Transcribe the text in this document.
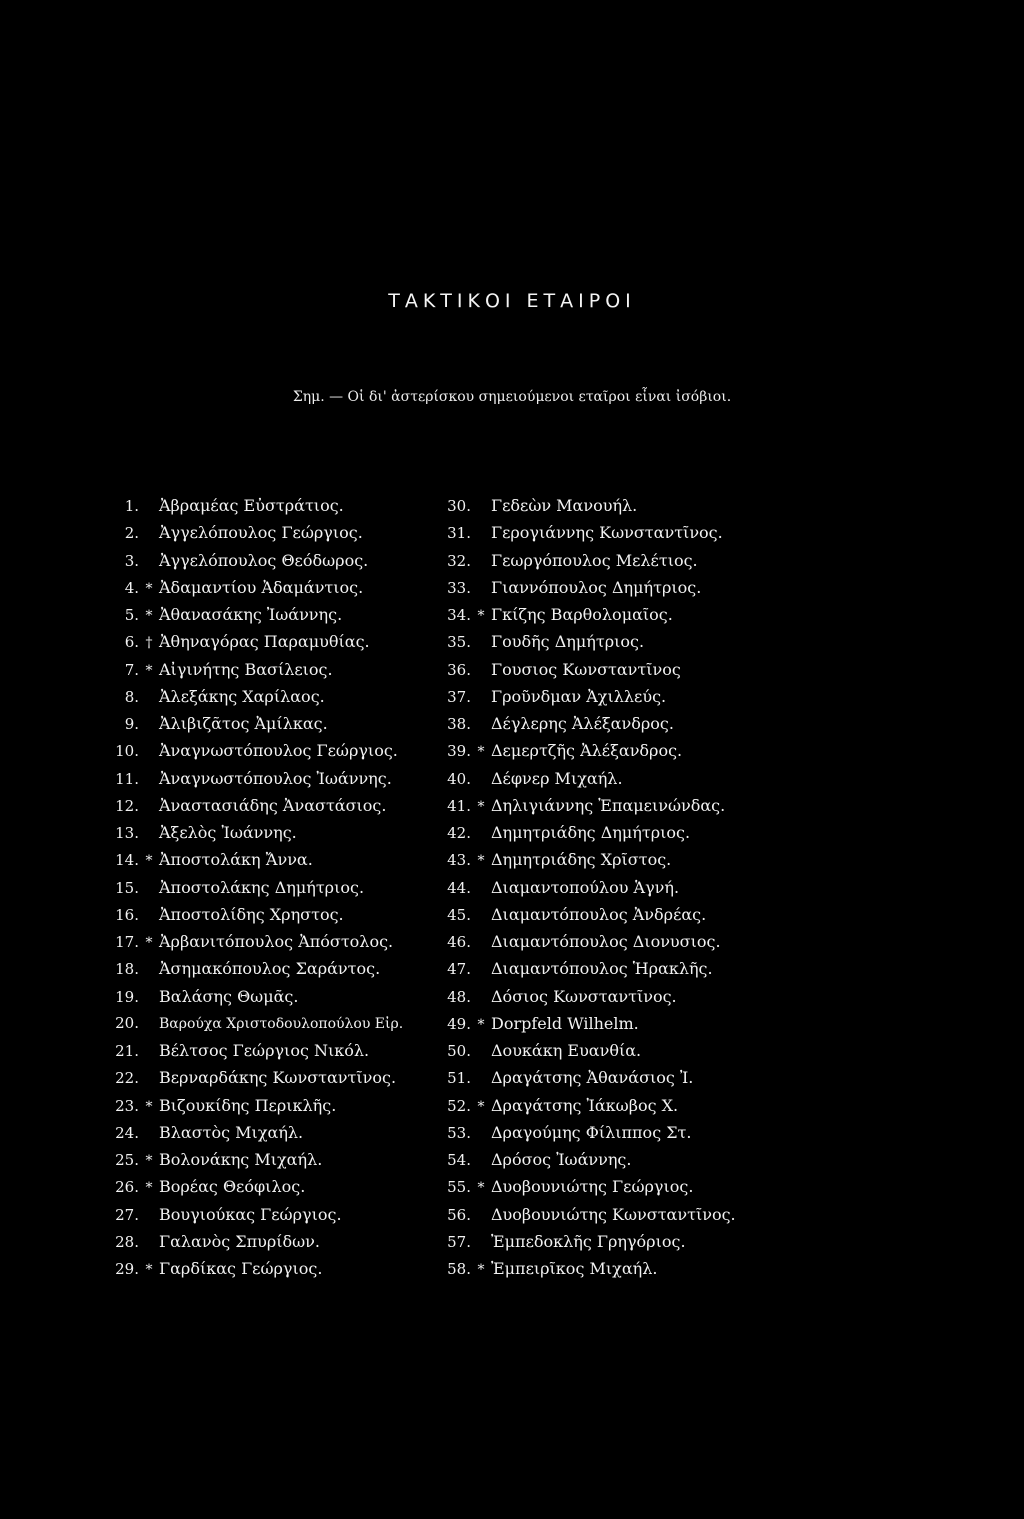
ΤΑΚΤΙΚΟΙ ΕΤΑΙΡΟΙ
Σημ. — Οἱ δι' ἀστερίσκου σημειούμενοι εταῖροι εἶναι ἰσόβιοι.
1. Ἀβραμέας Εὐστράτιος.
2. Ἀγγελόπουλος Γεώργιος.
3. Ἀγγελόπουλος Θεόδωρος.
4. * Ἀδαμαντίου Ἀδαμάντιος.
5. * Ἀθανασάκης Ἰωάννης.
6. † Ἀθηναγόρας Παραμυθίας.
7. * Αἰγινήτης Βασίλειος.
8. Ἀλεξάκης Χαρίλαος.
9. Ἀλιβιζᾶτος Ἀμίλκας.
10. Ἀναγνωστόπουλος Γεώργιος.
11. Ἀναγνωστόπουλος Ἰωάννης.
12. Ἀναστασιάδης Ἀναστάσιος.
13. Ἀξελὸς Ἰωάννης.
14. * Ἀποστολάκη Ἄννα.
15. Ἀποστολάκης Δημήτριος.
16. Ἀποστολίδης Χρηστος.
17. * Ἀρβανιτόπουλος Ἀπόστολος.
18. Ἀσημακόπουλος Σαράντος.
19. Βαλάσης Θωμᾶς.
20. Βαρούχα Χριστοδουλοπούλου Εἰρ.
21. Βέλτσος Γεώργιος Νικόλ.
22. Βερναρδάκης Κωνσταντῖνος.
23. * Βιζουκίδης Περικλῆς.
24. Βλαστὸς Μιχαήλ.
25. * Βολονάκης Μιχαήλ.
26. * Βορέας Θεόφιλος.
27. Βουγιούκας Γεώργιος.
28. Γαλανὸς Σπυρίδων.
29. * Γαρδίκας Γεώργιος.
30. Γεδεὼν Μανουήλ.
31. Γερογιάννης Κωνσταντῖνος.
32. Γεωργόπουλος Μελέτιος.
33. Γιαννόπουλος Δημήτριος.
34. * Γκίζης Βαρθολομαῖος.
35. Γουδῆς Δημήτριος.
36. Γουσιος Κωνσταντῖνος
37. Γροῦνδμαν Ἀχιλλεύς.
38. Δέγλερης Ἀλέξανδρος.
39. * Δεμερτζῆς Ἀλέξανδρος.
40. Δέφνερ Μιχαήλ.
41. * Δηλιγιάννης Ἐπαμεινώνδας.
42. Δημητριάδης Δημήτριος.
43. * Δημητριάδης Χρῖστος.
44. Διαμαντοπούλου Ἁγνή.
45. Διαμαντόπουλος Ἀνδρέας.
46. Διαμαντόπουλος Διονυσιος.
47. Διαμαντόπουλος Ἡρακλῆς.
48. Δόσιος Κωνσταντῖνος.
49. * Dorpfeld Wilhelm.
50. Δουκάκη Ευανθία.
51. Δραγάτσης Ἀθανάσιος Ἰ.
52. * Δραγάτσης Ἰάκωβος Χ.
53. Δραγούμης Φίλιππος Στ.
54. Δρόσος Ἰωάννης.
55. * Δυοβουνιώτης Γεώργιος.
56. Δυοβουνιώτης Κωνσταντῖνος.
57. Ἐμπεδοκλῆς Γρηγόριος.
58. * Ἐμπειρῖκος Μιχαήλ.
